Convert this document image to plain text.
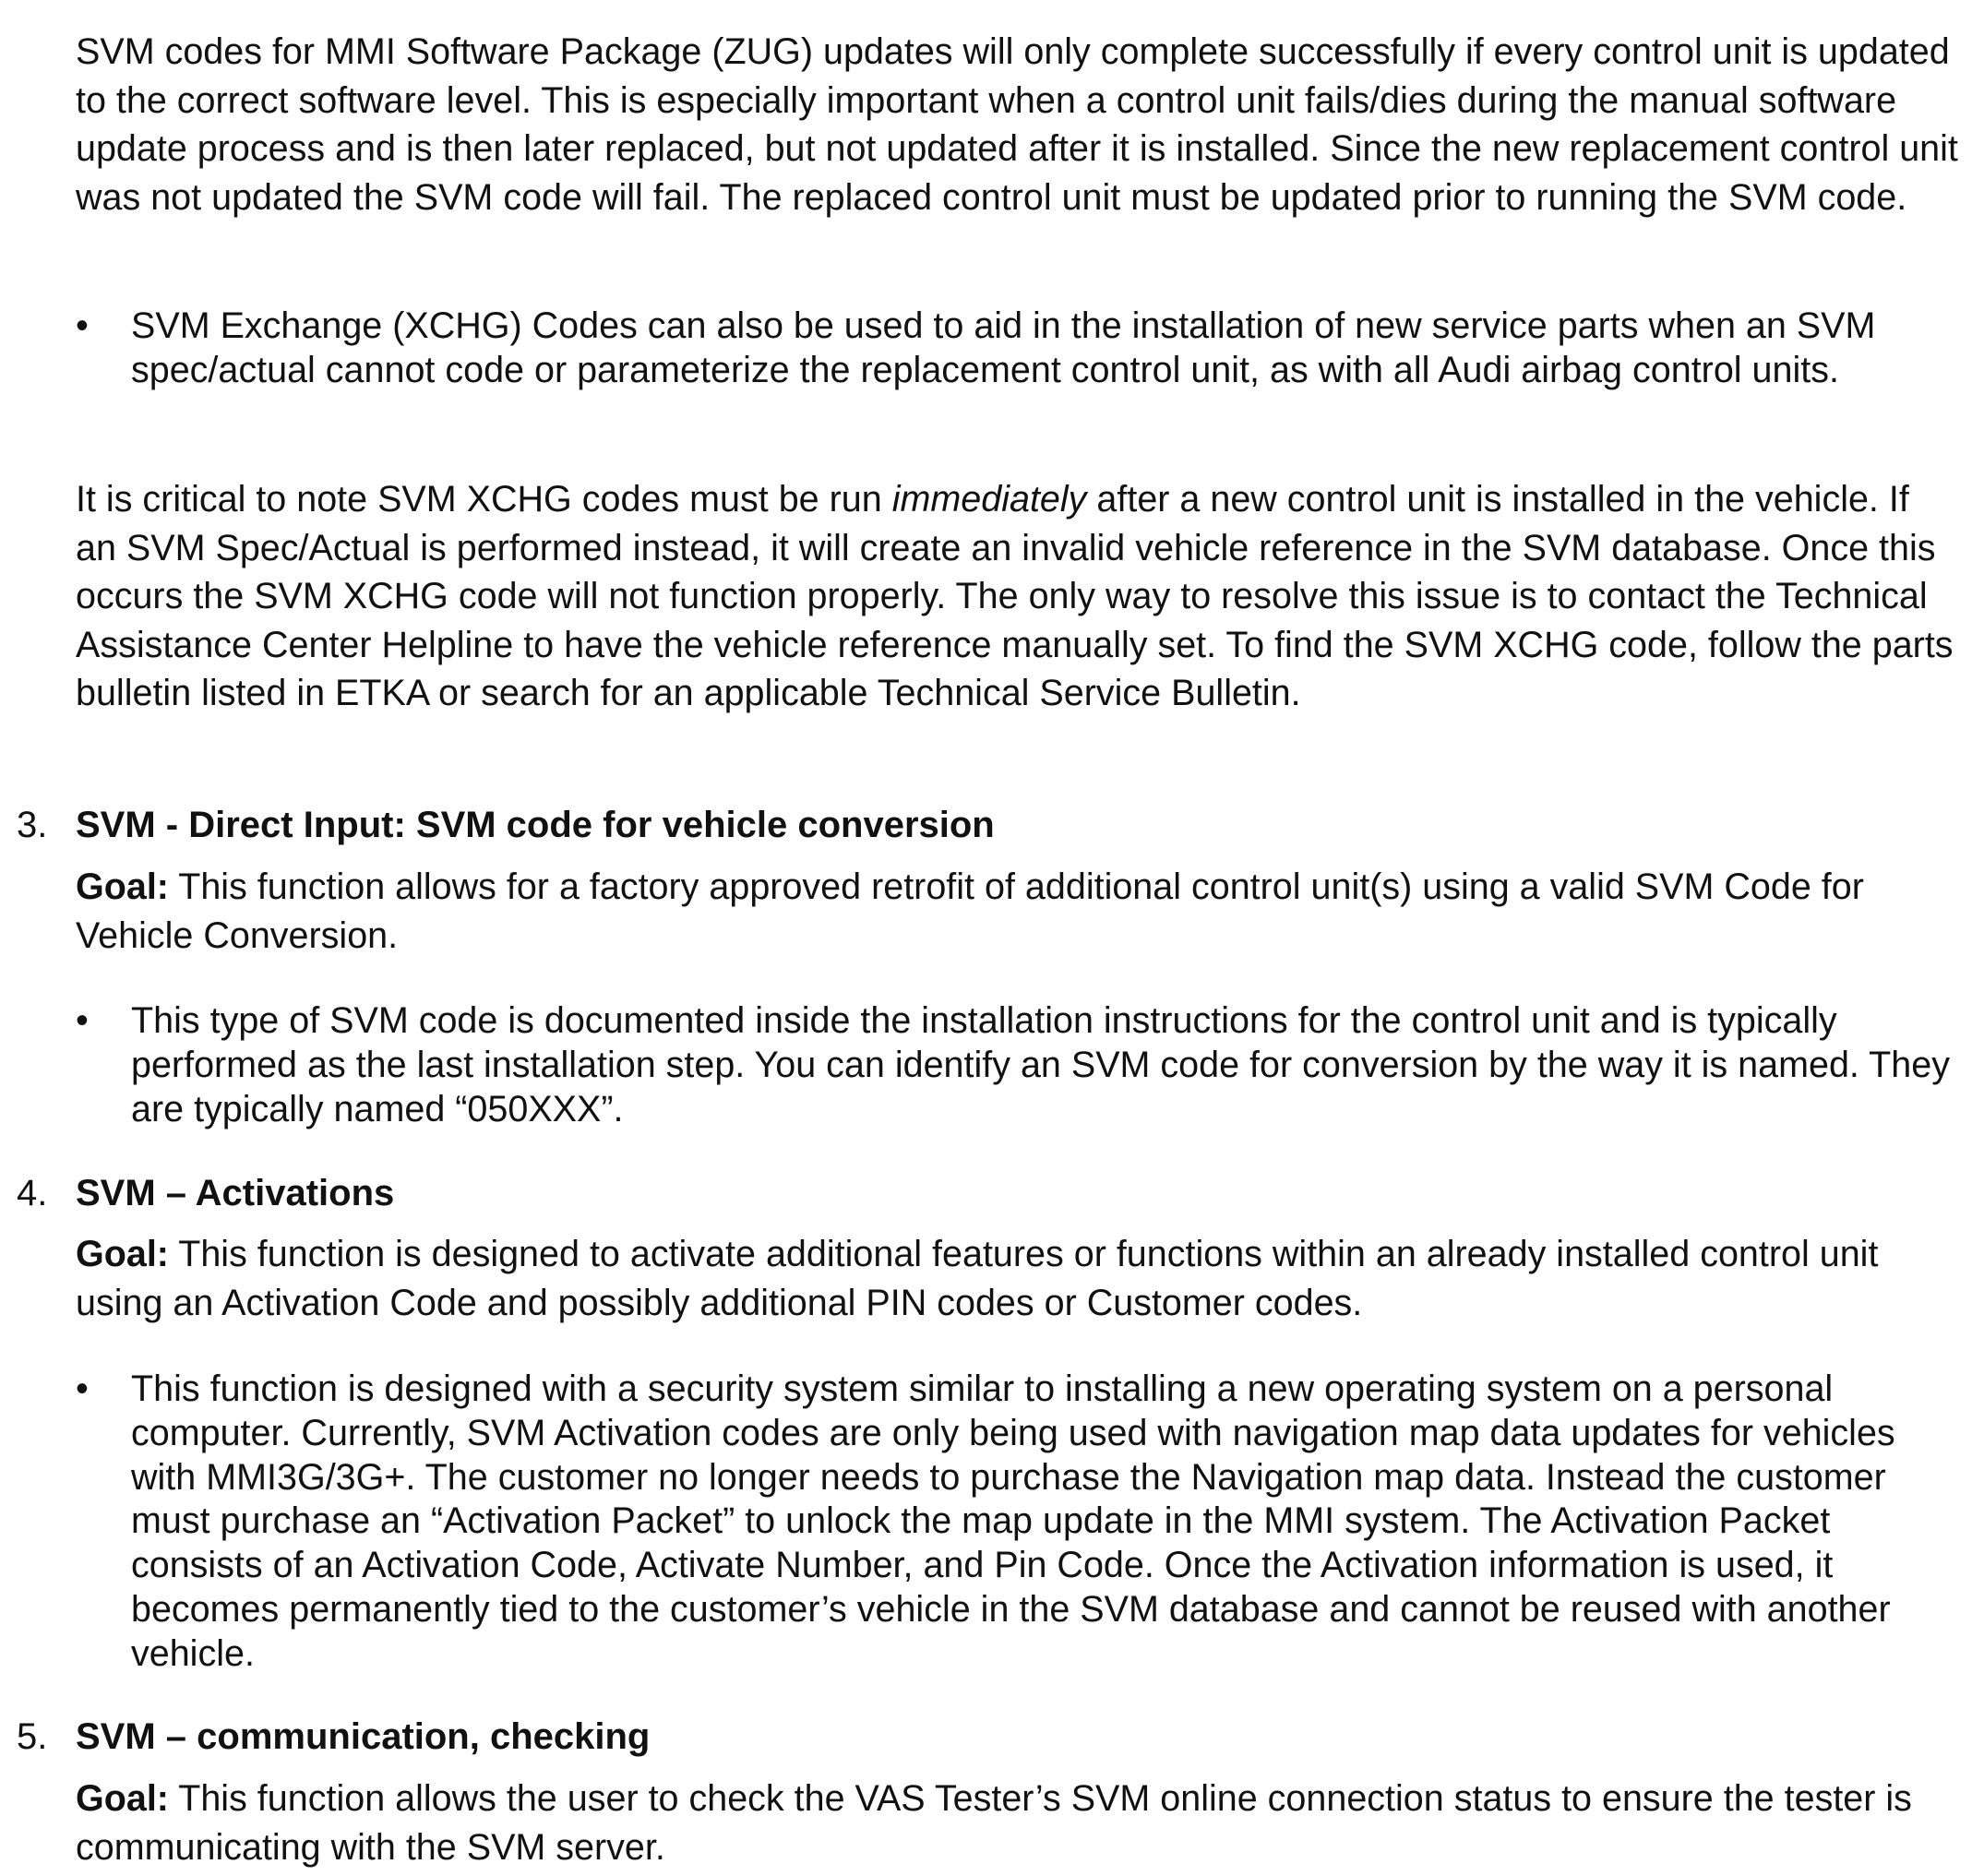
SVM codes for MMI Software Package (ZUG) updates will only complete successfully if every control unit is updated to the correct software level. This is especially important when a control unit fails/dies during the manual software update process and is then later replaced, but not updated after it is installed. Since the new replacement control unit was not updated the SVM code will fail. The replaced control unit must be updated prior to running the SVM code.

•	SVM Exchange (XCHG) Codes can also be used to aid in the installation of new service parts when an SVM spec/actual cannot code or parameterize the replacement control unit, as with all Audi airbag control units.

It is critical to note SVM XCHG codes must be run immediately after a new control unit is installed in the vehicle. If an SVM Spec/Actual is performed instead, it will create an invalid vehicle reference in the SVM database. Once this occurs the SVM XCHG code will not function properly. The only way to resolve this issue is to contact the Technical Assistance Center Helpline to have the vehicle reference manually set. To find the SVM XCHG code, follow the parts bulletin listed in ETKA or search for an applicable Technical Service Bulletin.

3. SVM - Direct Input: SVM code for vehicle conversion

Goal: This function allows for a factory approved retrofit of additional control unit(s) using a valid SVM Code for Vehicle Conversion.

•	This type of SVM code is documented inside the installation instructions for the control unit and is typically performed as the last installation step. You can identify an SVM code for conversion by the way it is named. They are typically named “050XXX”.
4. SVM – Activations

Goal: This function is designed to activate additional features or functions within an already installed control unit using an Activation Code and possibly additional PIN codes or Customer codes.

•	This function is designed with a security system similar to installing a new operating system on a personal computer. Currently, SVM Activation codes are only being used with navigation map data updates for vehicles with MMI3G/3G+. The customer no longer needs to purchase the Navigation map data. Instead the customer must purchase an “Activation Packet” to unlock the map update in the MMI system. The Activation Packet consists of an Activation Code, Activate Number, and Pin Code. Once the Activation information is used, it becomes permanently tied to the customer’s vehicle in the SVM database and cannot be reused with another vehicle.
5. SVM – communication, checking

Goal: This function allows the user to check the VAS Tester’s SVM online connection status to ensure the tester is communicating with the SVM server.
